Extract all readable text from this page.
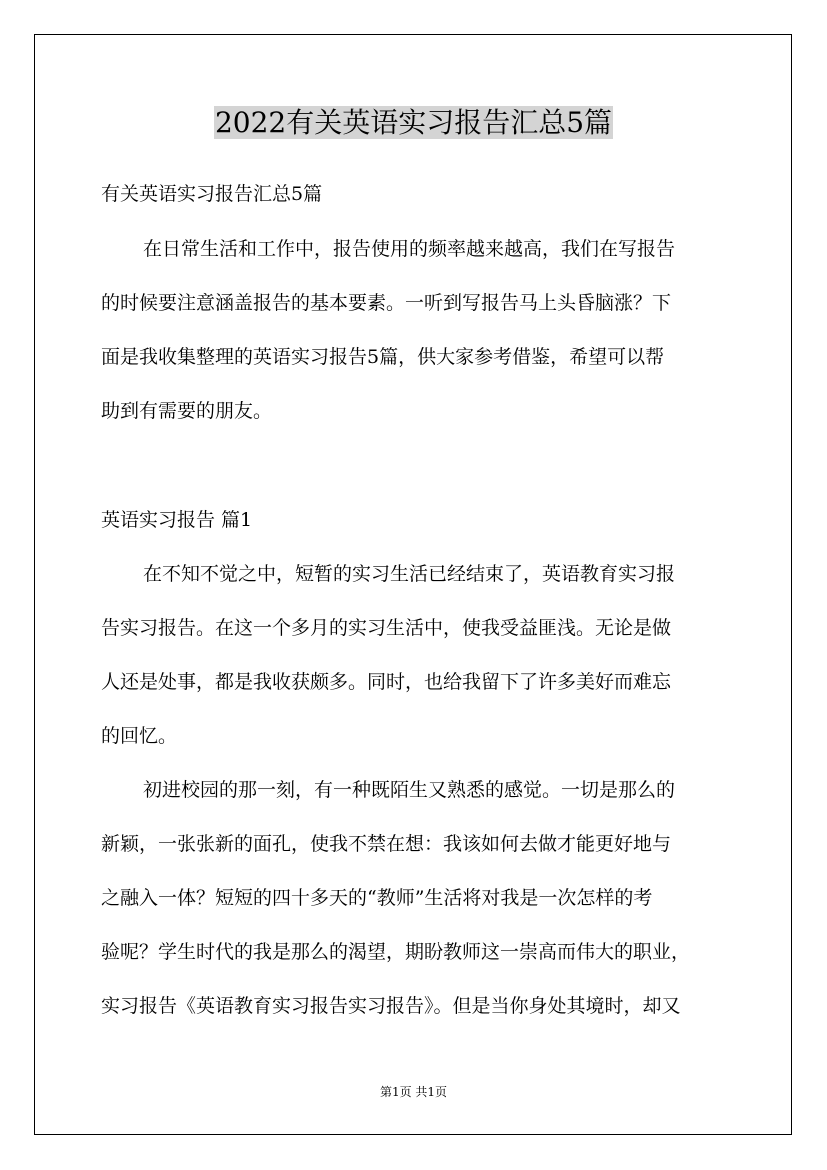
2022有关英语实习报告汇总5篇

有关英语实习报告汇总5篇

在日常生活和工作中，报告使用的频率越来越高，我们在写报告

的时候要注意涵盖报告的基本要素。一听到写报告马上头昏脑涨？下

面是我收集整理的英语实习报告5篇，供大家参考借鉴，希望可以帮

助到有需要的朋友。

英语实习报告 篇1

在不知不觉之中，短暂的实习生活已经结束了，英语教育实习报

告实习报告。在这一个多月的实习生活中，使我受益匪浅。无论是做

人还是处事，都是我收获颇多。同时，也给我留下了许多美好而难忘

的回忆。

初进校园的那一刻，有一种既陌生又熟悉的感觉。一切是那么的

新颖，一张张新的面孔，使我不禁在想：我该如何去做才能更好地与

之融入一体？短短的四十多天的“教师”生活将对我是一次怎样的考

验呢？学生时代的我是那么的渴望，期盼教师这一崇高而伟大的职业，

实习报告《英语教育实习报告实习报告》。但是当你身处其境时，却又

第1页 共1页
